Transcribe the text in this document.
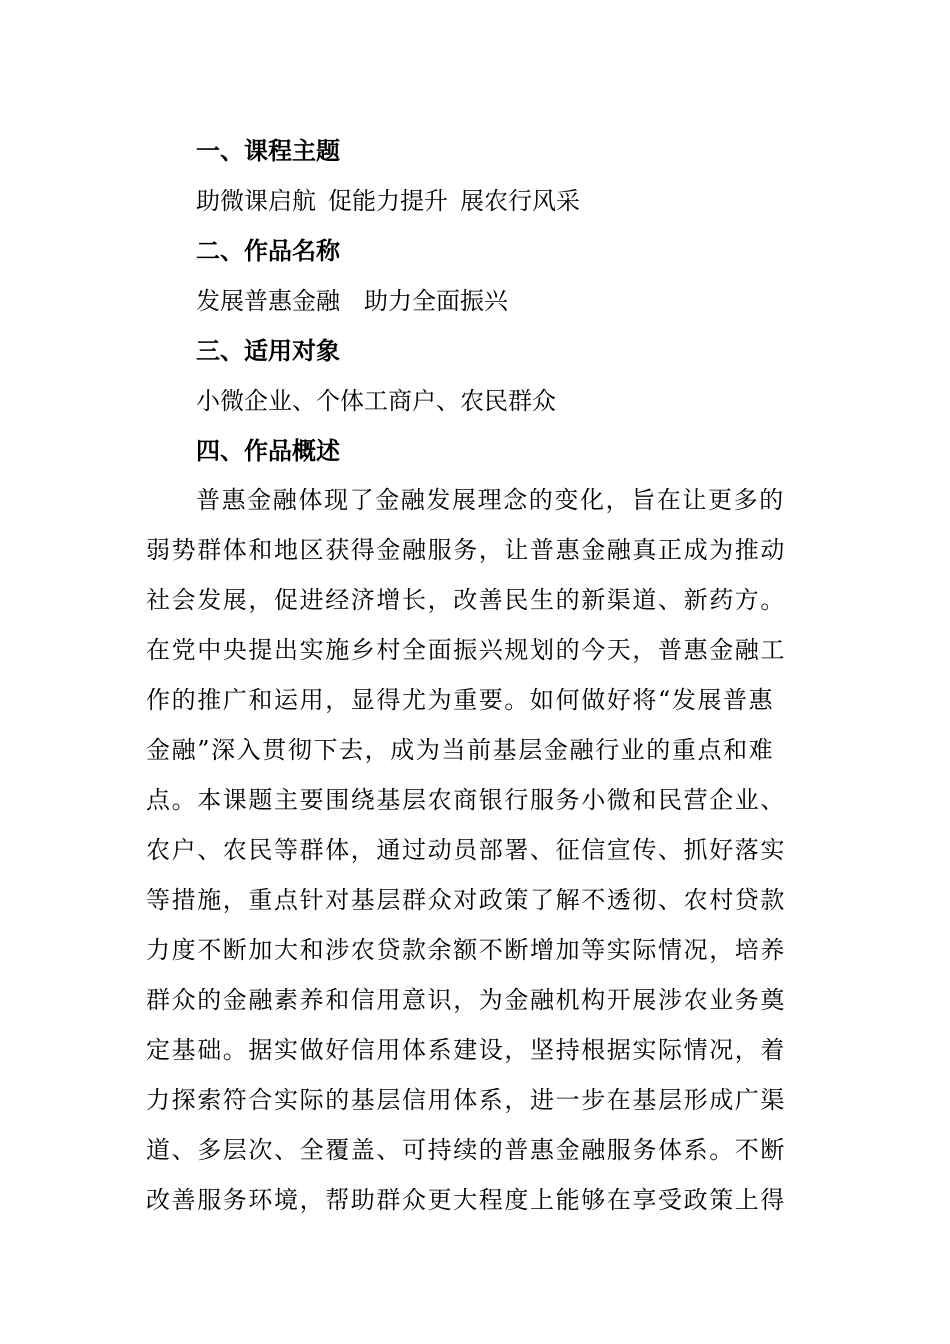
一、课程主题
助微课启航 促能力提升 展农行风采
二、作品名称
发展普惠金融 助力全面振兴
三、适用对象
小微企业、个体工商户、农民群众
四、作品概述
普惠金融体现了金融发展理念的变化，旨在让更多的
弱势群体和地区获得金融服务，让普惠金融真正成为推动
社会发展，促进经济增长，改善民生的新渠道、新药方。
在党中央提出实施乡村全面振兴规划的今天，普惠金融工
作的推广和运用，显得尤为重要。如何做好将“发展普惠
金融”深入贯彻下去，成为当前基层金融行业的重点和难
点。本课题主要围绕基层农商银行服务小微和民营企业、
农户、农民等群体，通过动员部署、征信宣传、抓好落实
等措施，重点针对基层群众对政策了解不透彻、农村贷款
力度不断加大和涉农贷款余额不断增加等实际情况，培养
群众的金融素养和信用意识，为金融机构开展涉农业务奠
定基础。据实做好信用体系建设，坚持根据实际情况，着
力探索符合实际的基层信用体系，进一步在基层形成广渠
道、多层次、全覆盖、可持续的普惠金融服务体系。不断
改善服务环境，帮助群众更大程度上能够在享受政策上得
